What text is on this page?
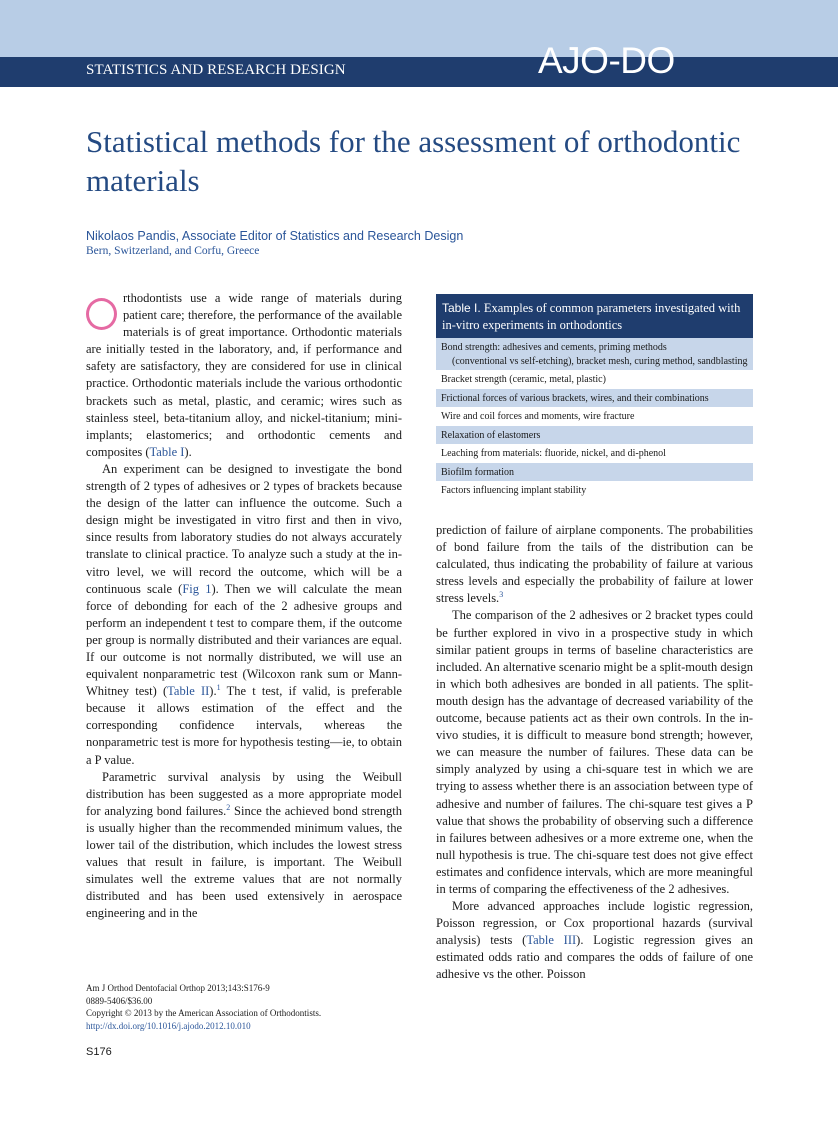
STATISTICS AND RESEARCH DESIGN	AJO-DO
Statistical methods for the assessment of orthodontic materials
Nikolaos Pandis, Associate Editor of Statistics and Research Design
Bern, Switzerland, and Corfu, Greece

rthodontists use a wide range of materials during patient care; therefore, the performance of the available materials is of great importance. Orthodontic materials are initially tested in the laboratory, and, if performance and safety are satisfactory, they are considered for use in clinical practice. Orthodontic materials include the various orthodontic brackets such as metal, plastic, and ceramic; wires such as stainless steel, beta-titanium alloy, and nickel-titanium; mini-implants; elastomerics; and orthodontic cements and composites (Table I).

An experiment can be designed to investigate the bond strength of 2 types of adhesives or 2 types of brackets because the design of the latter can influence the outcome. Such a design might be investigated in vitro first and then in vivo, since results from laboratory studies do not always accurately translate to clinical practice. To analyze such a study at the in-vitro level, we will record the outcome, which will be a continuous scale (Fig 1). Then we will calculate the mean force of debonding for each of the 2 adhesive groups and perform an independent t test to compare them, if the outcome per group is normally distributed and their variances are equal. If our outcome is not normally distributed, we will use an equivalent nonparametric test (Wilcoxon rank sum or Mann-Whitney test) (Table II).$^1$ The t test, if valid, is preferable because it allows estimation of the effect and the corresponding confidence intervals, whereas the nonparametric test is more for hypothesis testing—ie, to obtain a P value.

Parametric survival analysis by using the Weibull distribution has been suggested as a more appropriate model for analyzing bond failures.$^2$ Since the achieved bond strength is usually higher than the recommended minimum values, the lower tail of the distribution, which includes the lowest stress values that result in failure, is important. The Weibull simulates well the extreme values that are not normally distributed and has been used extensively in aerospace engineering and in the

Table I. Examples of common parameters investigated with in-vitro experiments in orthodontics
Bond strength: adhesives and cements, priming methods
(conventional vs self-etching), bracket mesh, curing method, sandblasting
Bracket strength (ceramic, metal, plastic)
Frictional forces of various brackets, wires, and their combinations
Wire and coil forces and moments, wire fracture
Relaxation of elastomers
Leaching from materials: fluoride, nickel, and di-phenol
Biofilm formation
Factors influencing implant stability

prediction of failure of airplane components. The probabilities of bond failure from the tails of the distribution can be calculated, thus indicating the probability of failure at various stress levels and especially the probability of failure at lower stress levels.$^3$

The comparison of the 2 adhesives or 2 bracket types could be further explored in vivo in a prospective study in which similar patient groups in terms of baseline characteristics are included. An alternative scenario might be a split-mouth design in which both adhesives are bonded in all patients. The split-mouth design has the advantage of decreased variability of the outcome, because patients act as their own controls. In the in-vivo studies, it is difficult to measure bond strength; however, we can measure the number of failures. These data can be simply analyzed by using a chi-square test in which we are trying to assess whether there is an association between type of adhesive and number of failures. The chi-square test gives a P value that shows the probability of observing such a difference in failures between adhesives or a more extreme one, when the null hypothesis is true. The chi-square test does not give effect estimates and confidence intervals, which are more meaningful in terms of comparing the effectiveness of the 2 adhesives.

More advanced approaches include logistic regression, Poisson regression, or Cox proportional hazards (survival analysis) tests (Table III). Logistic regression gives an estimated odds ratio and compares the odds of failure of one adhesive vs the other. Poisson

Am J Orthod Dentofacial Orthop 2013;143:S176-9
0889-5406/$36.00
Copyright © 2013 by the American Association of Orthodontists.
http://dx.doi.org/10.1016/j.ajodo.2012.10.010
S176
